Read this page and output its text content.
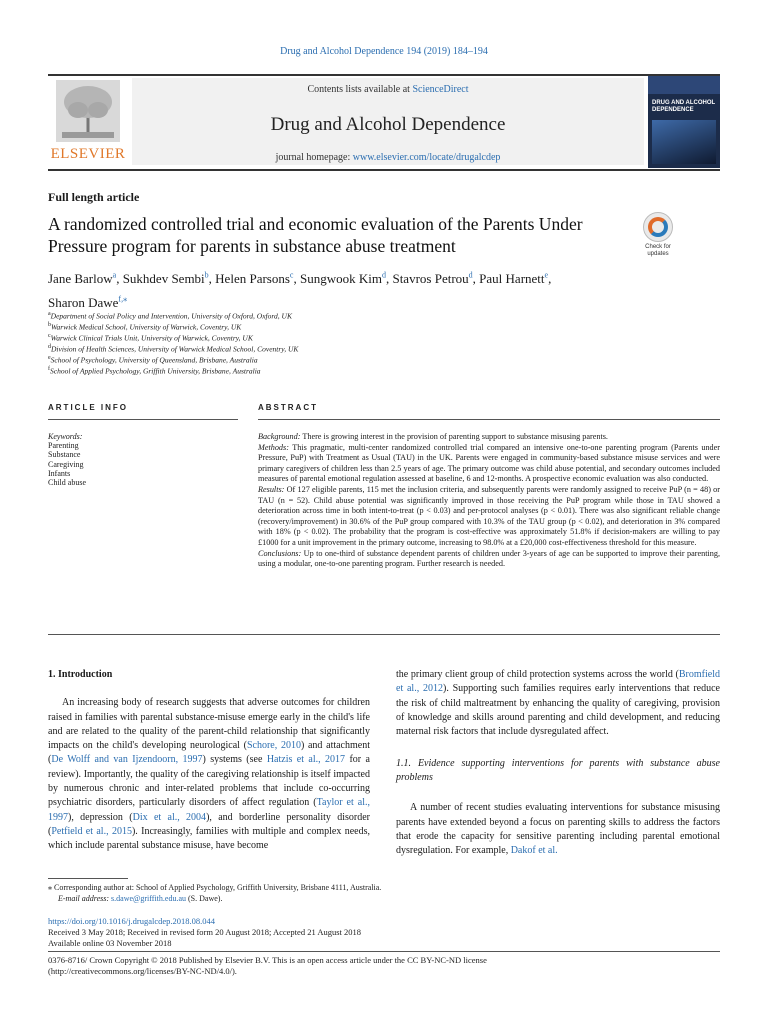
Drug and Alcohol Dependence 194 (2019) 184–194
ELSEVIER
Contents lists available at ScienceDirect
Drug and Alcohol Dependence
journal homepage: www.elsevier.com/locate/drugalcdep
DRUG AND ALCOHOL DEPENDENCE
Full length article
A randomized controlled trial and economic evaluation of the Parents Under
Pressure program for parents in substance abuse treatment	Check for updates
Jane Barlow$^a$, Sukhdev Sembi$^b$, Helen Parsons$^c$, Sungwook Kim$^d$, Stavros Petrou$^d$, Paul Harnett$^e$,
Sharon Dawe$^{f,⁎}$
$^a$Department of Social Policy and Intervention, University of Oxford, Oxford, UK
$^b$Warwick Medical School, University of Warwick, Coventry, UK
$^c$Warwick Clinical Trials Unit, University of Warwick, Coventry, UK
$^d$Division of Health Sciences, University of Warwick Medical School, Coventry, UK
$^e$School of Psychology, University of Queensland, Brisbane, Australia
$^f$School of Applied Psychology, Griffith University, Brisbane, Australia
ARTICLE INFO	ABSTRACT
Keywords:
Parenting
Substance
Caregiving
Infants
Child abuse

Background: There is growing interest in the provision of parenting support to substance misusing parents.

Methods: This pragmatic, multi-center randomized controlled trial compared an intensive one-to-one parenting program (Parents under Pressure, PuP) with Treatment as Usual (TAU) in the UK. Parents were engaged in community-based substance misuse services and were primary caregivers of children less than 2.5 years of age. The primary outcome was child abuse potential, and secondary outcomes included measures of parental emotional regulation assessed at baseline, 6 and 12-months. A prospective economic evaluation was also conducted.

Results: Of 127 eligible parents, 115 met the inclusion criteria, and subsequently parents were randomly assigned to receive PuP (n = 48) or TAU (n = 52). Child abuse potential was significantly improved in those receiving the PuP program while those in TAU showed a deterioration across time in both intent-to-treat (p < 0.03) and per-protocol analyses (p < 0.01). There was also significant reliable change (recovery/improvement) in 30.6% of the PuP group compared with 10.3% of the TAU group (p < 0.02), and deterioration in 3% compared with 18% (p < 0.02). The probability that the program is cost-effective was approximately 51.8% if decision-makers are willing to pay £1000 for a unit improvement in the primary outcome, increasing to 98.0% at a £20,000 cost-effectiveness threshold for this measure.

Conclusions: Up to one-third of substance dependent parents of children under 3-years of age can be supported to improve their parenting, using a modular, one-to-one parenting program. Further research is needed.

1. Introduction

An increasing body of research suggests that adverse outcomes for children raised in families with parental substance-misuse emerge early in the child's life and are related to the quality of the parent-child relationship that significantly impacts on the child's developing neurological (Schore, 2010) and attachment (De Wolff and van Ijzendoorn, 1997) systems (see Hatzis et al., 2017 for a review). Importantly, the quality of the caregiving relationship is itself impacted by numerous chronic and inter-related problems that include co-occurring psychiatric disorders, particularly disorders of affect regulation (Taylor et al., 1997), depression (Dix et al., 2004), and borderline personality disorder (Petfield et al., 2015). Increasingly, families with multiple and complex needs, which include parental substance misuse, have become

the primary client group of child protection systems across the world (Bromfield et al., 2012). Supporting such families requires early interventions that reduce the risk of child maltreatment by enhancing the quality of caregiving, provision of knowledge and skills around parenting and child development, and reducing maternal risk factors that include dysregulated affect.

1.1. Evidence supporting interventions for parents with substance abuse problems

A number of recent studies evaluating interventions for substance misusing parents have extended beyond a focus on parenting skills to address the factors that erode the capacity for sensitive parenting including parental emotional dysregulation. For example, Dakof et al.

⁎ Corresponding author at: School of Applied Psychology, Griffith University, Brisbane 4111, Australia.
E-mail address: s.dawe@griffith.edu.au (S. Dawe).
https://doi.org/10.1016/j.drugalcdep.2018.08.044
Received 3 May 2018; Received in revised form 20 August 2018; Accepted 21 August 2018
Available online 03 November 2018
0376-8716/ Crown Copyright © 2018 Published by Elsevier B.V. This is an open access article under the CC BY-NC-ND license
(http://creativecommons.org/licenses/BY-NC-ND/4.0/).
